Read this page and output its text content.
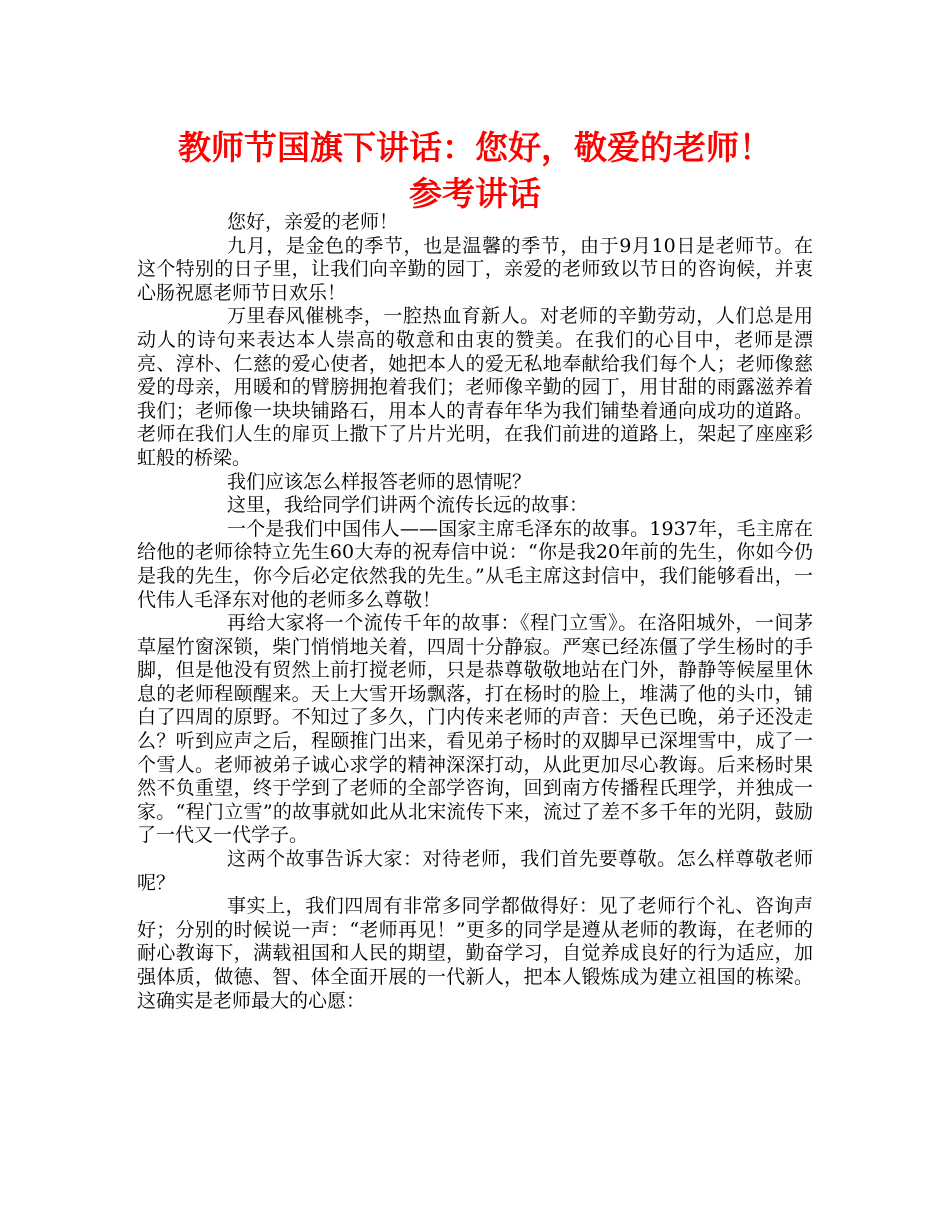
教师节国旗下讲话：您好，敬爱的老师！
参考讲话

您好，亲爱的老师！

九月，是金色的季节，也是温馨的季节，由于9月10日是老师节。在这个特别的日子里，让我们向辛勤的园丁，亲爱的老师致以节日的咨询候，并衷心肠祝愿老师节日欢乐！

万里春风催桃李，一腔热血育新人。对老师的辛勤劳动，人们总是用动人的诗句来表达本人崇高的敬意和由衷的赞美。在我们的心目中，老师是漂亮、淳朴、仁慈的爱心使者，她把本人的爱无私地奉献给我们每个人；老师像慈爱的母亲，用暖和的臂膀拥抱着我们；老师像辛勤的园丁，用甘甜的雨露滋养着我们；老师像一块块铺路石，用本人的青春年华为我们铺垫着通向成功的道路。老师在我们人生的扉页上撒下了片片光明，在我们前进的道路上，架起了座座彩虹般的桥梁。

我们应该怎么样报答老师的恩情呢？

这里，我给同学们讲两个流传长远的故事：

一个是我们中国伟人——国家主席毛泽东的故事。1937年，毛主席在给他的老师徐特立先生60大寿的祝寿信中说：“你是我20年前的先生，你如今仍是我的先生，你今后必定依然我的先生。”从毛主席这封信中，我们能够看出，一代伟人毛泽东对他的老师多么尊敬！

再给大家将一个流传千年的故事：《程门立雪》。在洛阳城外，一间茅草屋竹窗深锁，柴门悄悄地关着，四周十分静寂。严寒已经冻僵了学生杨时的手脚，但是他没有贸然上前打搅老师，只是恭尊敬敬地站在门外，静静等候屋里休息的老师程颐醒来。天上大雪开场飘落，打在杨时的脸上，堆满了他的头巾，铺白了四周的原野。不知过了多久，门内传来老师的声音：天色已晚，弟子还没走么？听到应声之后，程颐推门出来，看见弟子杨时的双脚早已深埋雪中，成了一个雪人。老师被弟子诚心求学的精神深深打动，从此更加尽心教诲。后来杨时果然不负重望，终于学到了老师的全部学咨询，回到南方传播程氏理学，并独成一家。“程门立雪”的故事就如此从北宋流传下来，流过了差不多千年的光阴，鼓励了一代又一代学子。

这两个故事告诉大家：对待老师，我们首先要尊敬。怎么样尊敬老师呢？

事实上，我们四周有非常多同学都做得好：见了老师行个礼、咨询声好；分别的时候说一声：“老师再见！”更多的同学是遵从老师的教诲，在老师的耐心教诲下，满载祖国和人民的期望，勤奋学习，自觉养成良好的行为适应，加强体质，做德、智、体全面开展的一代新人，把本人锻炼成为建立祖国的栋梁。这确实是老师最大的心愿：
